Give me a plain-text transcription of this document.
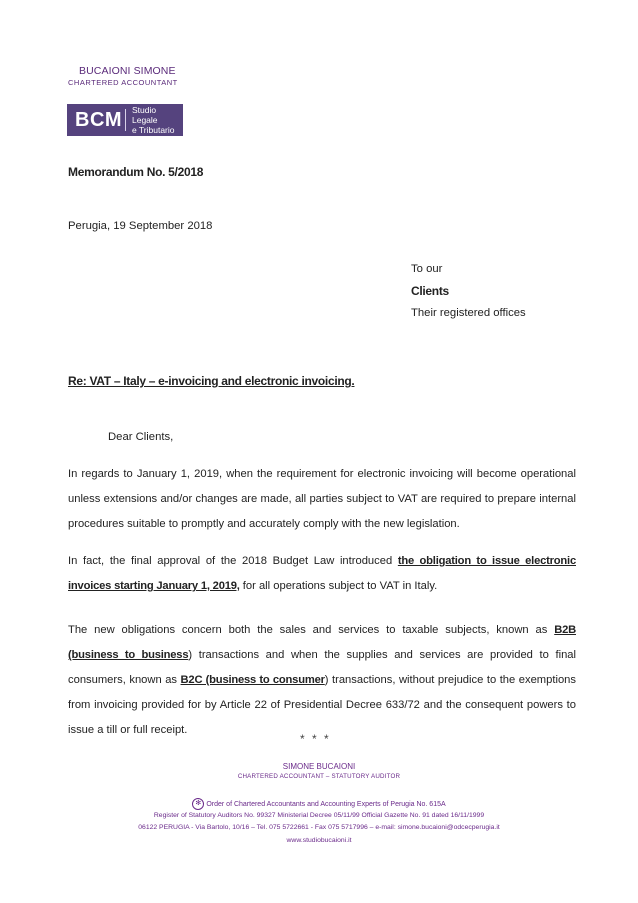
BUCAIONI SIMONE
CHARTERED ACCOUNTANT
BCM Studio Legale
e Tributario
Memorandum No. 5/2018
Perugia, 19 September 2018
To our
Clients
Their registered offices
Re: VAT – Italy – e-invoicing and electronic invoicing.
Dear Clients,
In regards to January 1, 2019, when the requirement for electronic invoicing will become operational unless extensions and/or changes are made, all parties subject to VAT are required to prepare internal procedures suitable to promptly and accurately comply with the new legislation.
In fact, the final approval of the 2018 Budget Law introduced the obligation to issue electronic invoices starting January 1, 2019, for all operations subject to VAT in Italy.
The new obligations concern both the sales and services to taxable subjects, known as B2B (business to business) transactions and when the supplies and services are provided to final consumers, known as B2C (business to consumer) transactions, without prejudice to the exemptions from invoicing provided for by Article 22 of Presidential Decree 633/72 and the consequent powers to issue a till or full receipt.
* * *
SIMONE BUCAIONI
CHARTERED ACCOUNTANT – STATUTORY AUDITOR
✻ Order of Chartered Accountants and Accounting Experts of Perugia No. 615A
Register of Statutory Auditors No. 99327 Ministerial Decree 05/11/99 Official Gazette No. 91 dated 16/11/1999
06122 PERUGIA - Via Bartolo, 10/16 – Tel. 075 5722661 - Fax 075 5717996 – e-mail: simone.bucaioni@odcecperugia.it
www.studiobucaioni.it
